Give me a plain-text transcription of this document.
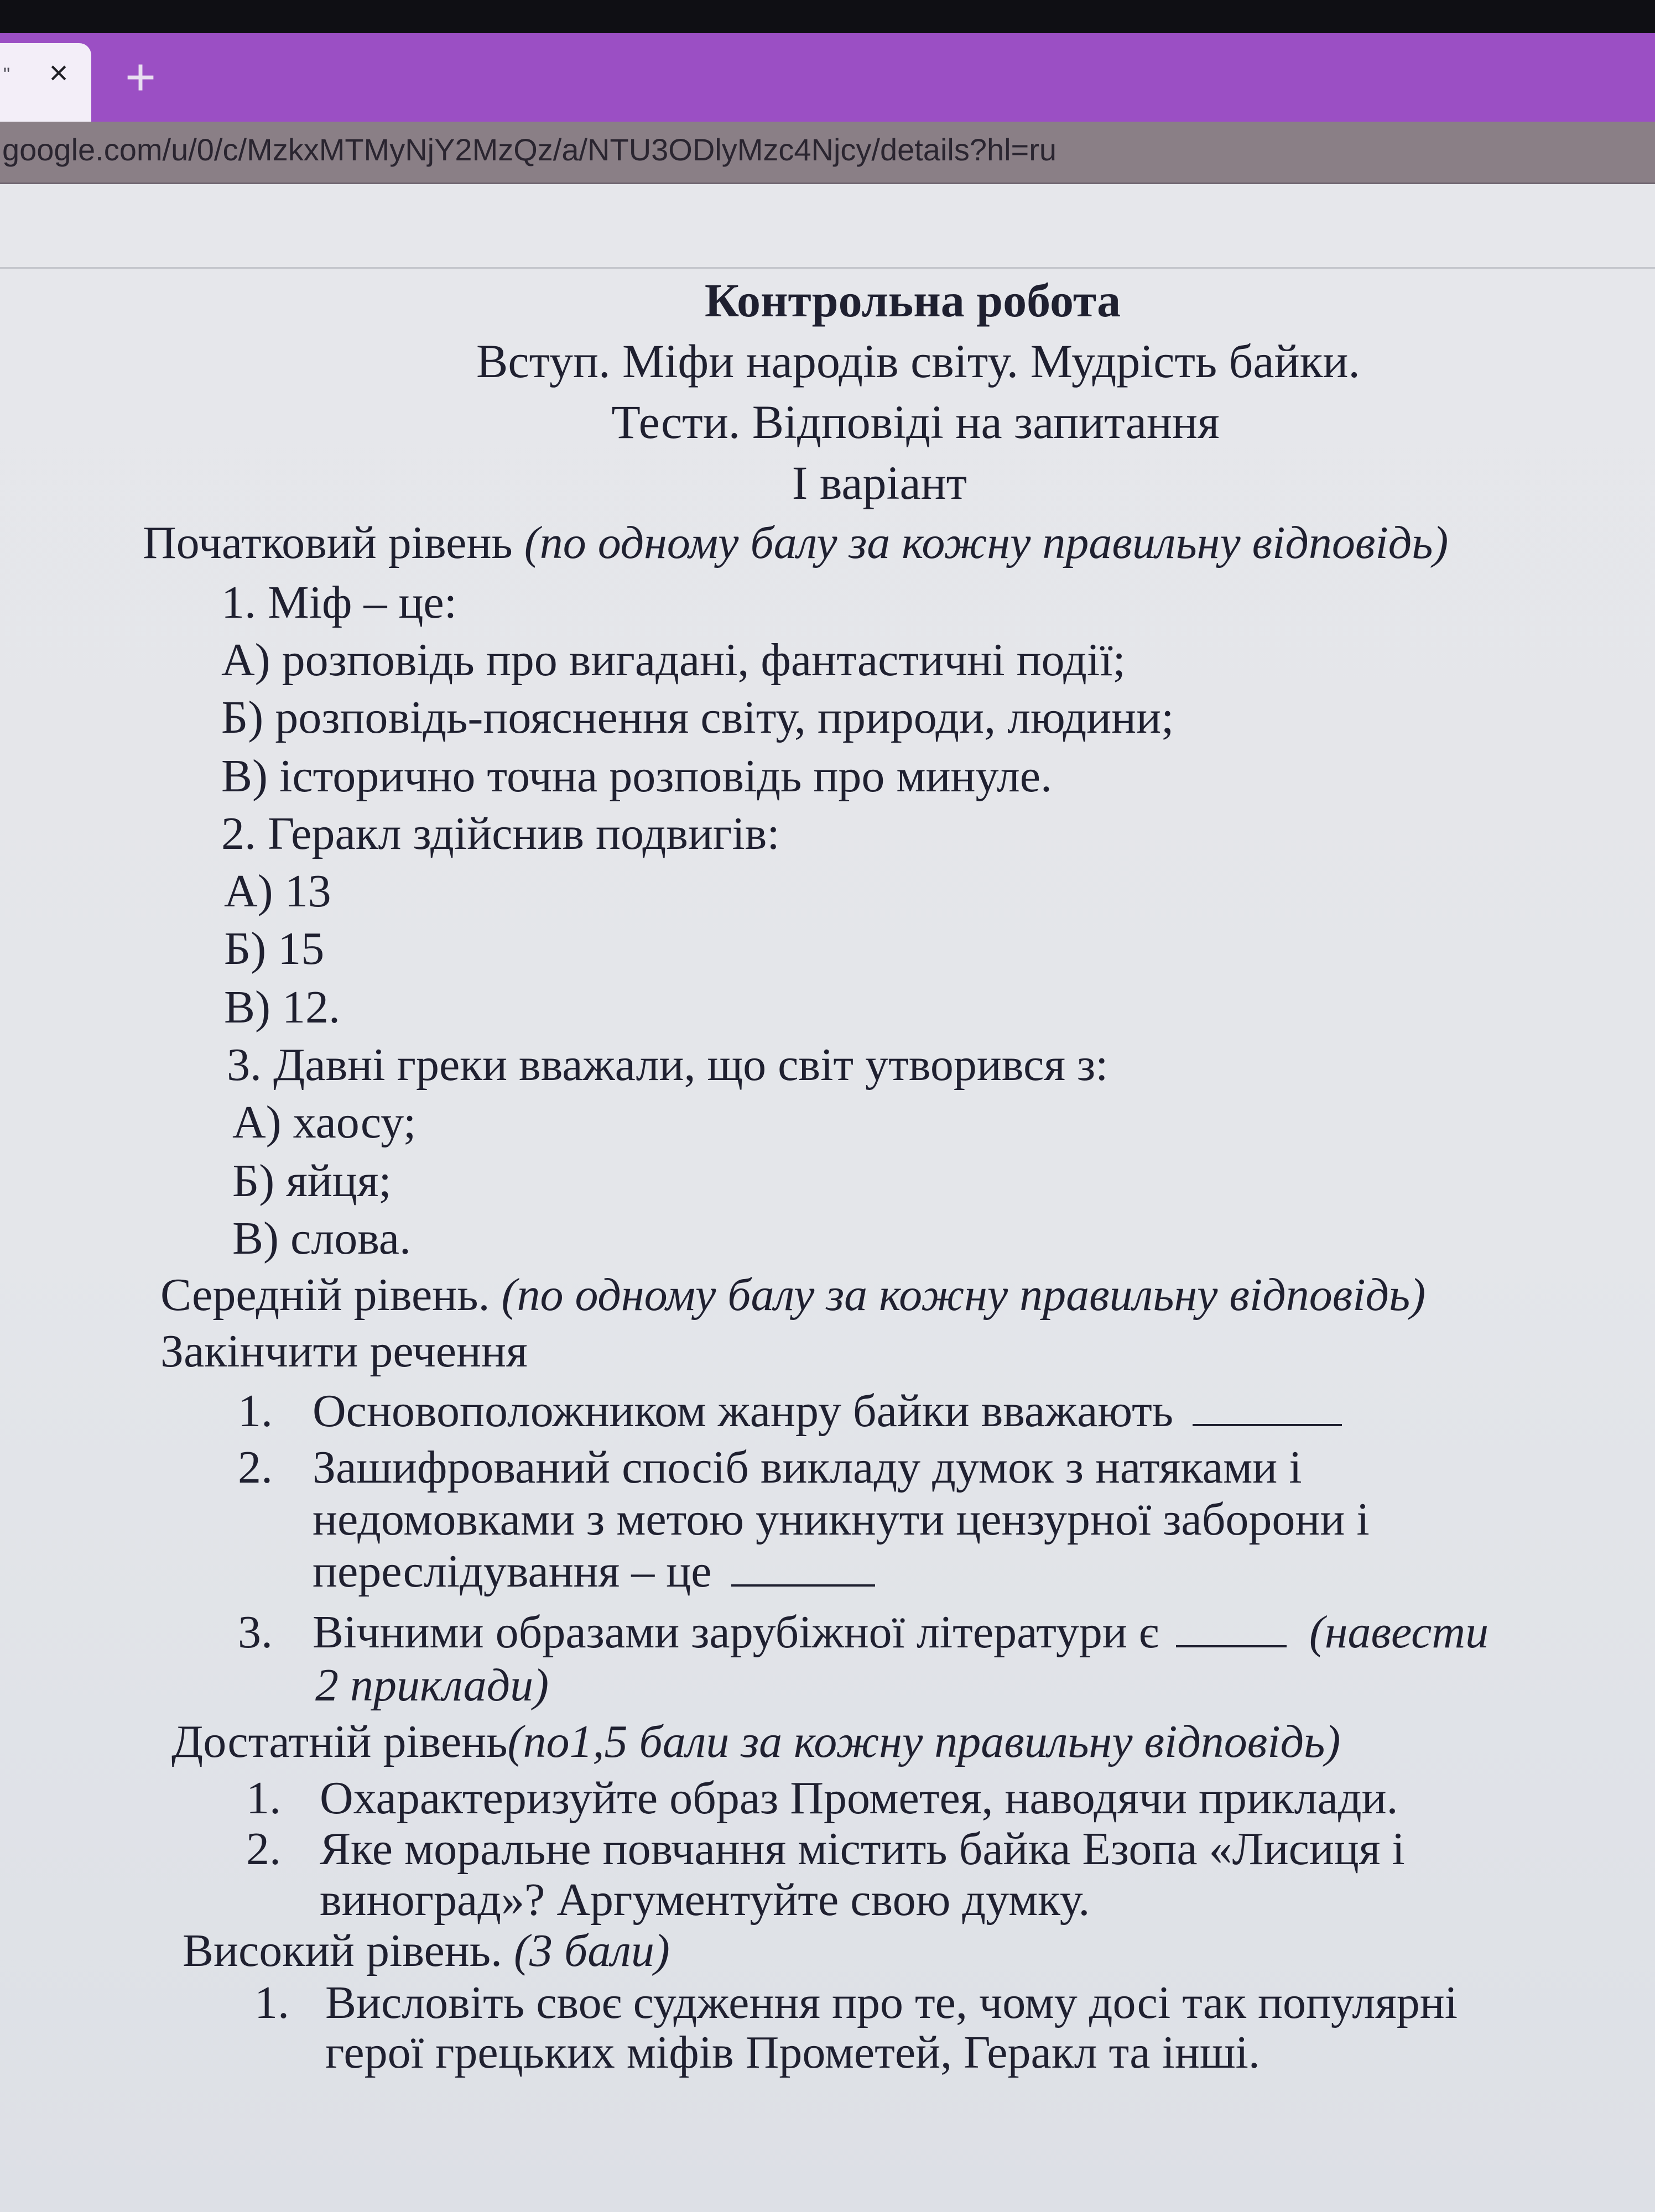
" × +
google.com/u/0/c/MzkxMTMyNjY2MzQz/a/NTU3ODlyMzc4Njcy/details?hl=ru
Контрольна робота
Вступ. Міфи народів світу. Мудрість байки.
Тести. Відповіді на запитання
І варіант
Початковий рівень (по одному балу за кожну правильну відповідь)
1. Міф – це:
А) розповідь про вигадані, фантастичні події;
Б) розповідь-пояснення світу, природи, людини;
В) історично точна розповідь про минуле.
2. Геракл здійснив подвигів:
А) 13
Б) 15
В) 12.
3. Давні греки вважали, що світ утворився з:
А) хаосу;
Б) яйця;
В) слова.
Середній рівень. (по одному балу за кожну правильну відповідь)
Закінчити речення
1. Основоположником жанру байки вважають
2. Зашифрований спосіб викладу думок з натяками і
недомовками з метою уникнути цензурної заборони і
переслідування – це
3. Вічними образами зарубіжної літератури є	(навести
2 приклади)
Достатній рівень(по1,5 бали за кожну правильну відповідь)
1. Охарактеризуйте образ Прометея, наводячи приклади.
2. Яке моральне повчання містить байка Езопа «Лисиця і
виноград»? Аргументуйте свою думку.
Високий рівень. (3 бали)
1. Висловіть своє судження про те, чому досі так популярні
герої грецьких міфів Прометей, Геракл та інші.
